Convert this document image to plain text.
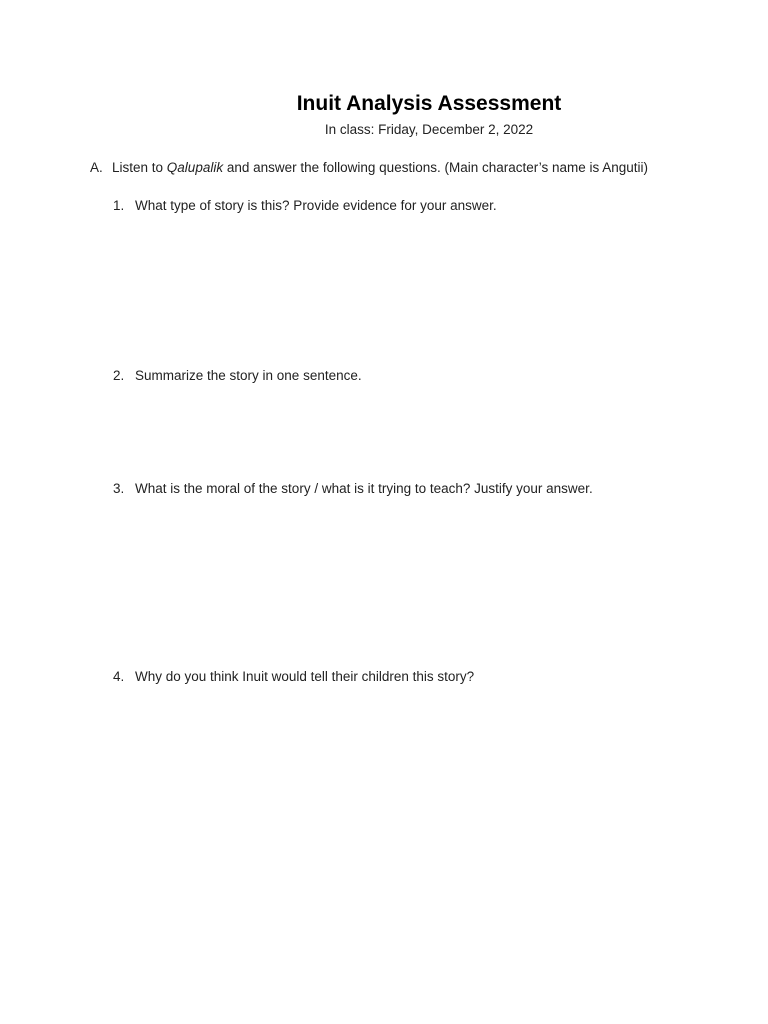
Inuit Analysis Assessment
In class: Friday, December 2, 2022
A. Listen to Qalupalik and answer the following questions. (Main character’s name is Angutii)
1. What type of story is this? Provide evidence for your answer.
2. Summarize the story in one sentence.
3. What is the moral of the story / what is it trying to teach? Justify your answer.
4. Why do you think Inuit would tell their children this story?
